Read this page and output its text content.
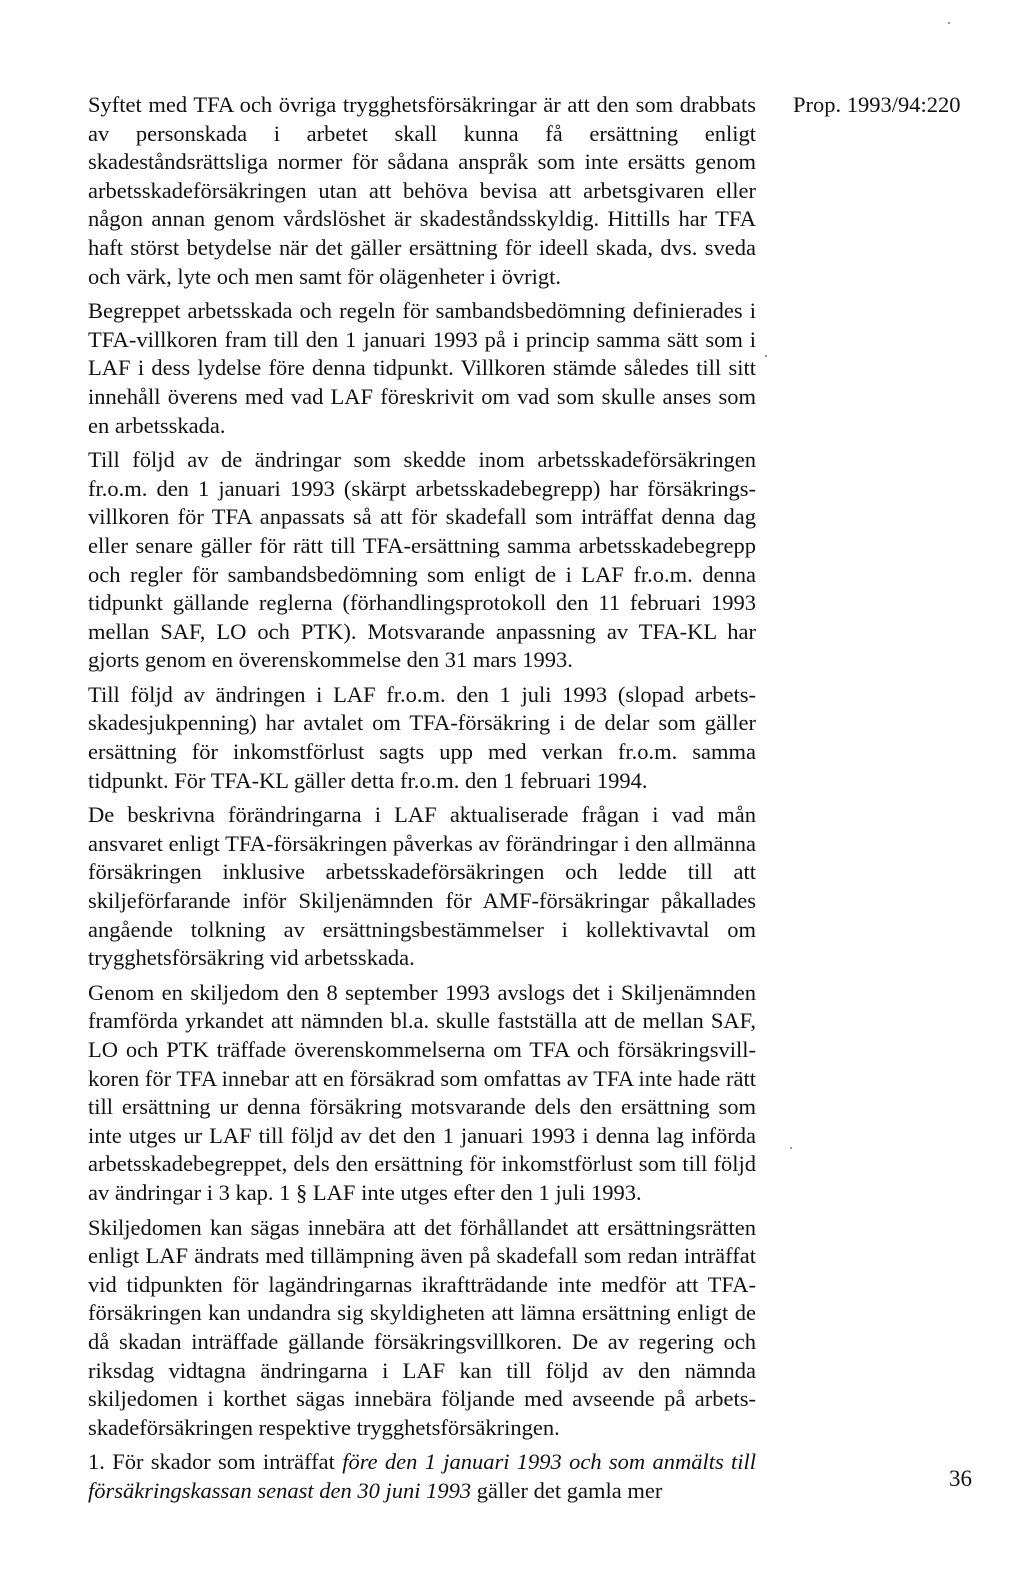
Prop. 1993/94:220

Syftet med TFA och övriga trygghetsförsäkringar är att den som drabbats av personskada i arbetet skall kunna få ersättning enligt skadeståndsrättsliga normer för sådana anspråk som inte ersätts genom arbetsskadeförsäkringen utan att behöva bevisa att arbetsgivaren eller någon annan genom vårdslöshet är skadeståndsskyldig. Hittills har TFA haft störst betydelse när det gäller ersättning för ideell skada, dvs. sveda och värk, lyte och men samt för olägenheter i övrigt.

Begreppet arbetsskada och regeln för sambandsbedömning definierades i TFA-villkoren fram till den 1 januari 1993 på i princip samma sätt som i LAF i dess lydelse före denna tidpunkt. Villkoren stämde således till sitt innehåll överens med vad LAF föreskrivit om vad som skulle anses som en arbetsskada.

Till följd av de ändringar som skedde inom arbetsskadeförsäkringen fr.o.m. den 1 januari 1993 (skärpt arbetsskadebegrepp) har försäkrings-villkoren för TFA anpassats så att för skadefall som inträffat denna dag eller senare gäller för rätt till TFA-ersättning samma arbetsskadebegrepp och regler för sambandsbedömning som enligt de i LAF fr.o.m. denna tidpunkt gällande reglerna (förhandlingsprotokoll den 11 februari 1993 mellan SAF, LO och PTK). Motsvarande anpassning av TFA-KL har gjorts genom en överenskommelse den 31 mars 1993.

Till följd av ändringen i LAF fr.o.m. den 1 juli 1993 (slopad arbets-skadesjukpenning) har avtalet om TFA-försäkring i de delar som gäller ersättning för inkomstförlust sagts upp med verkan fr.o.m. samma tidpunkt. För TFA-KL gäller detta fr.o.m. den 1 februari 1994.

De beskrivna förändringarna i LAF aktualiserade frågan i vad mån ansvaret enligt TFA-försäkringen påverkas av förändringar i den allmänna försäkringen inklusive arbetsskadeförsäkringen och ledde till att skiljeförfarande inför Skiljenämnden för AMF-försäkringar påkallades angående tolkning av ersättningsbestämmelser i kollektivavtal om trygghetsförsäkring vid arbetsskada.

Genom en skiljedom den 8 september 1993 avslogs det i Skiljenämnden framförda yrkandet att nämnden bl.a. skulle fastställa att de mellan SAF, LO och PTK träffade överenskommelserna om TFA och försäkringsvill-koren för TFA innebar att en försäkrad som omfattas av TFA inte hade rätt till ersättning ur denna försäkring motsvarande dels den ersättning som inte utges ur LAF till följd av det den 1 januari 1993 i denna lag införda arbetsskadebegreppet, dels den ersättning för inkomstförlust som till följd av ändringar i 3 kap. 1 § LAF inte utges efter den 1 juli 1993.

Skiljedomen kan sägas innebära att det förhållandet att ersättningsrätten enligt LAF ändrats med tillämpning även på skadefall som redan inträffat vid tidpunkten för lagändringarnas ikraftträdande inte medför att TFA-försäkringen kan undandra sig skyldigheten att lämna ersättning enligt de då skadan inträffade gällande försäkringsvillkoren. De av regering och riksdag vidtagna ändringarna i LAF kan till följd av den nämnda skiljedomen i korthet sägas innebära följande med avseende på arbets-skadeförsäkringen respektive trygghetsförsäkringen.

1. För skador som inträffat före den 1 januari 1993 och som anmälts till försäkringskassan senast den 30 juni 1993 gäller det gamla mer	36
